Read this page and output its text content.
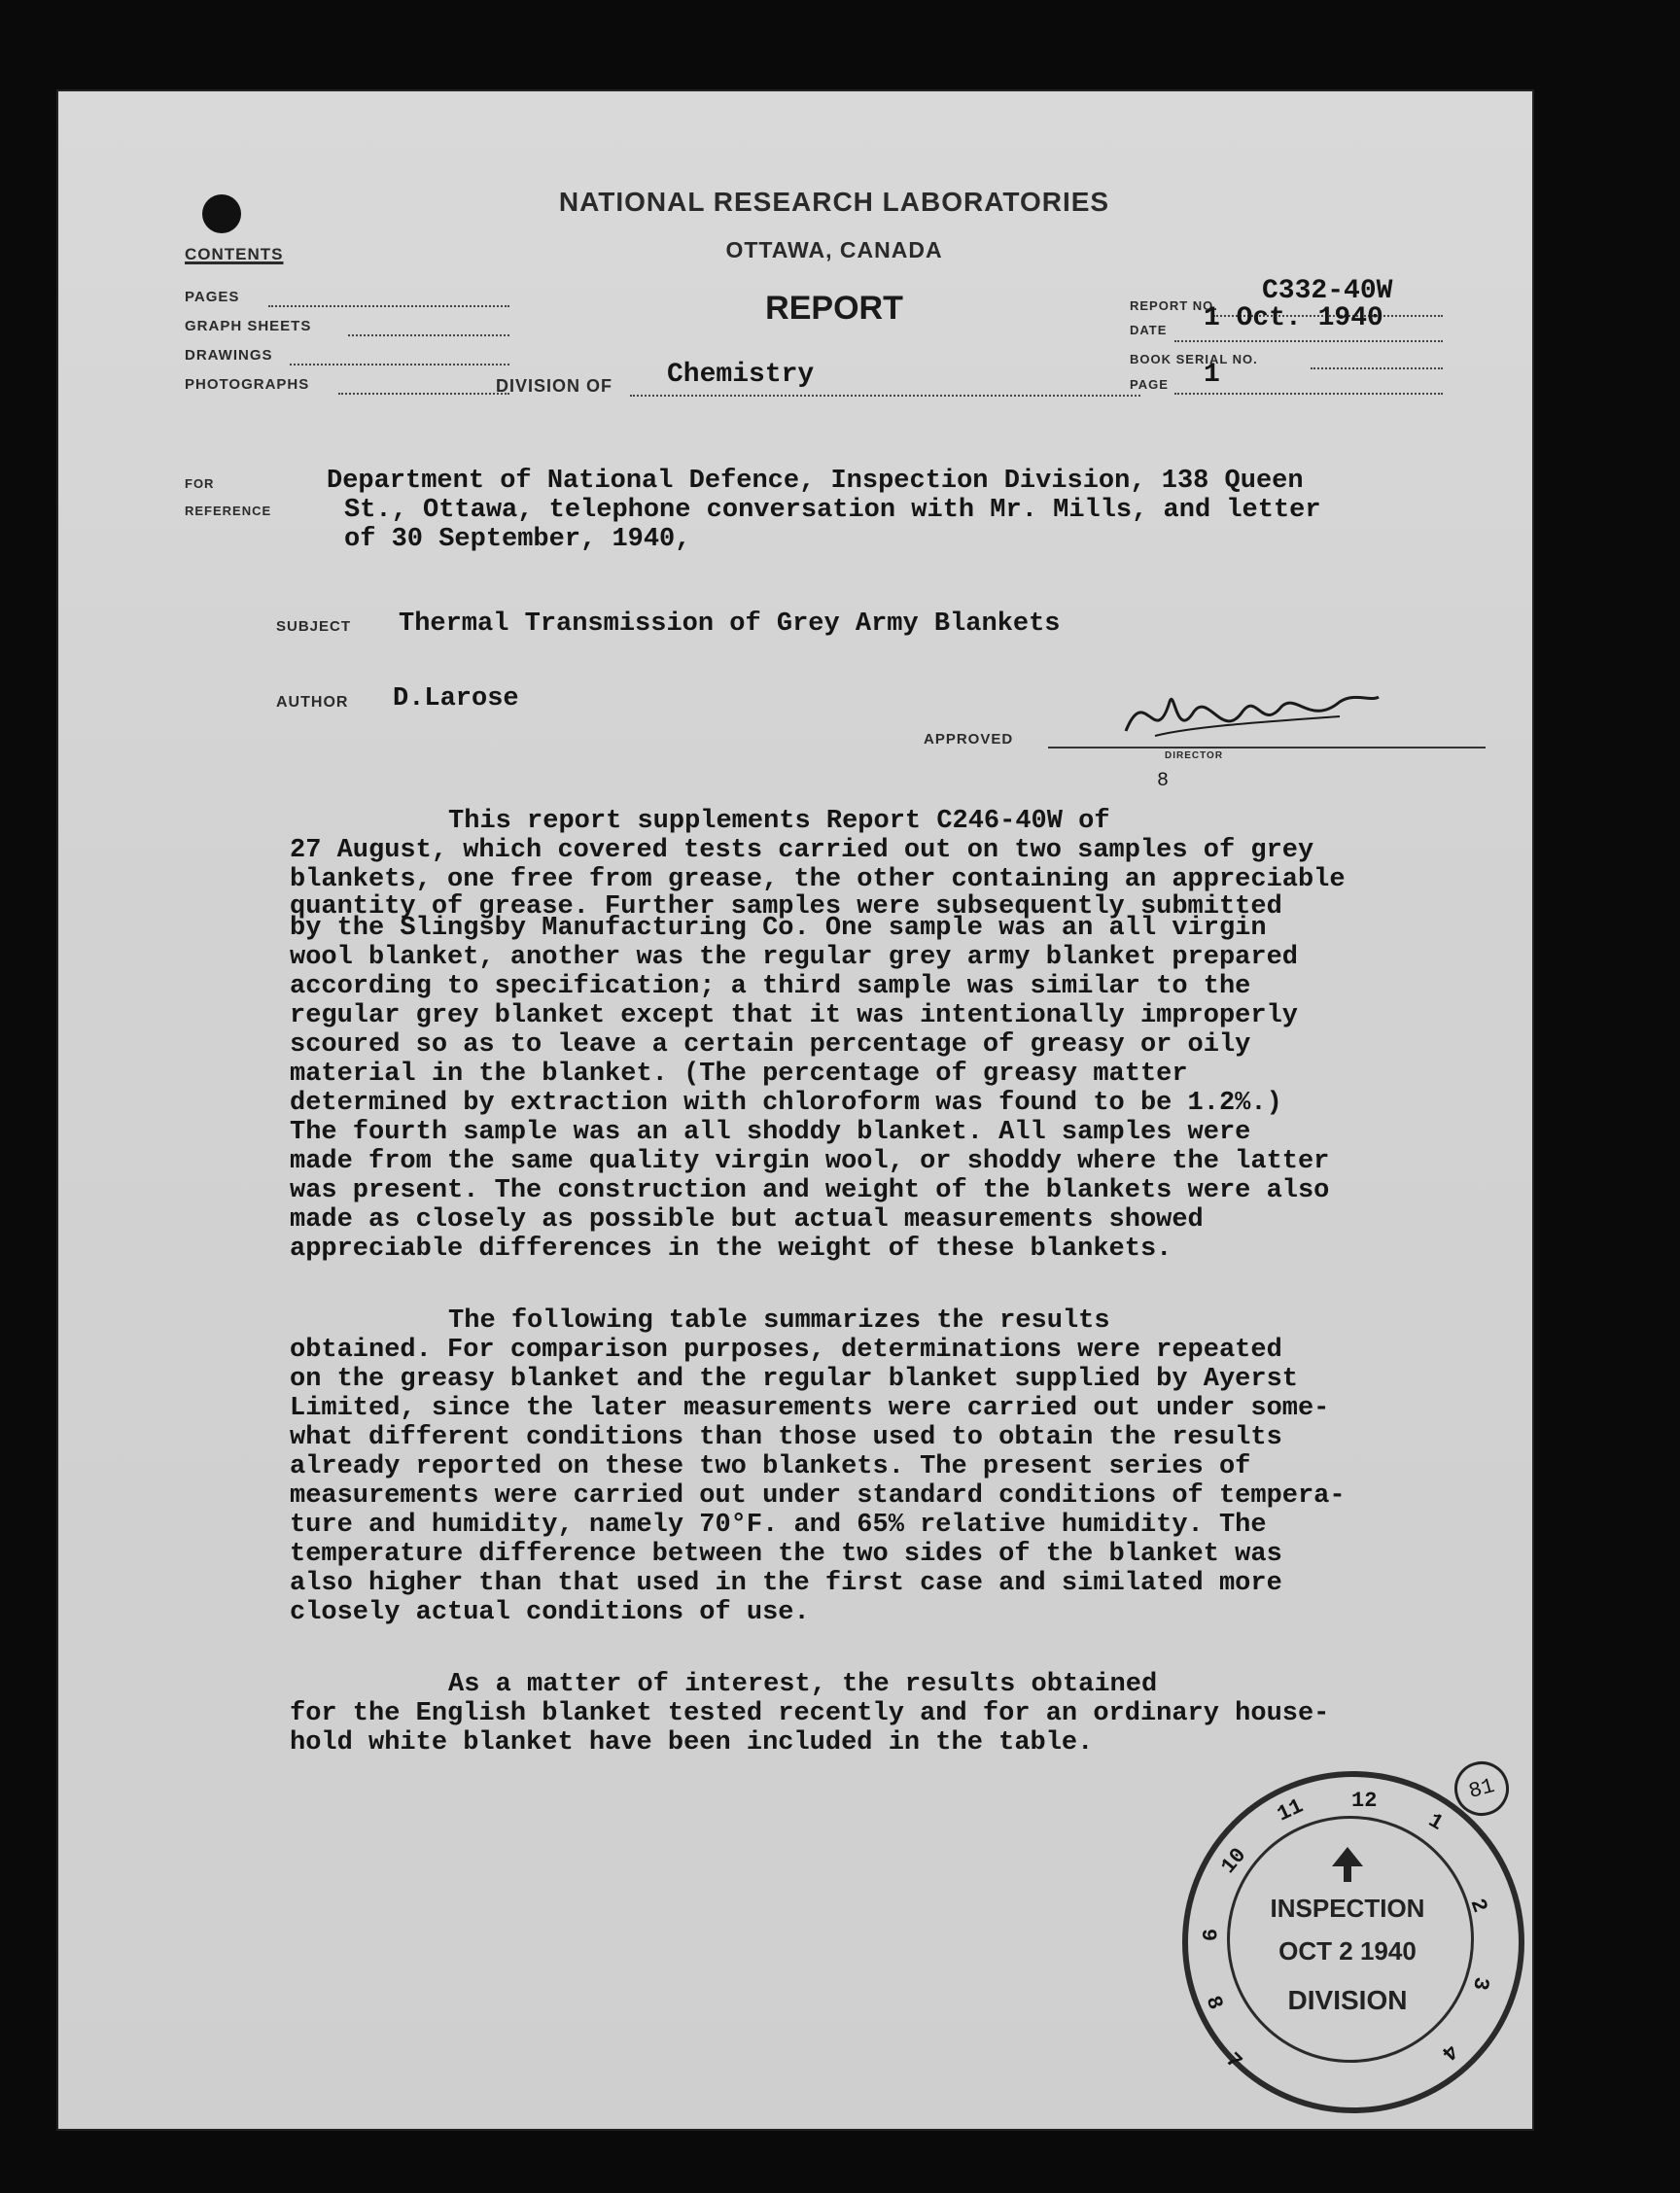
NATIONAL RESEARCH LABORATORIES
OTTAWA, CANADA
REPORT
CONTENTS
PAGES
GRAPH SHEETS
DRAWINGS
PHOTOGRAPHS	DIVISION OF Chemistry
REPORT NO. C332-40W
DATE 1 Oct. 1940
BOOK SERIAL NO.
PAGE 1
FOR
REFERENCE
Department of National Defence, Inspection Division, 138 Queen
St., Ottawa, telephone conversation with Mr. Mills, and letter
of 30 September, 1940,
SUBJECT Thermal Transmission of Grey Army Blankets
AUTHOR D.Larose
APPROVED
DIRECTOR
8
This report supplements Report C246-40W of
27 August, which covered tests carried out on two samples of grey
blankets, one free from grease, the other containing an appreciable
quantity of grease. Further samples were subsequently submitted
by the Slingsby Manufacturing Co. One sample was an all virgin
wool blanket, another was the regular grey army blanket prepared
according to specification; a third sample was similar to the
regular grey blanket except that it was intentionally improperly
scoured so as to leave a certain percentage of greasy or oily
material in the blanket. (The percentage of greasy matter
determined by extraction with chloroform was found to be 1.2%.)
The fourth sample was an all shoddy blanket. All samples were
made from the same quality virgin wool, or shoddy where the latter
was present. The construction and weight of the blankets were also
made as closely as possible but actual measurements showed
appreciable differences in the weight of these blankets.
The following table summarizes the results
obtained. For comparison purposes, determinations were repeated
on the greasy blanket and the regular blanket supplied by Ayerst
Limited, since the later measurements were carried out under some-
what different conditions than those used to obtain the results
already reported on these two blankets. The present series of
measurements were carried out under standard conditions of tempera-
ture and humidity, namely 70°F. and 65% relative humidity. The
temperature difference between the two sides of the blanket was
also higher than that used in the first case and similated more
closely actual conditions of use.
As a matter of interest, the results obtained
for the English blanket tested recently and for an ordinary house-
hold white blanket have been included in the table.
81
7
8
9
10
11 12
1
2
3
4
INSPECTION
OCT 2 1940
DIVISION
